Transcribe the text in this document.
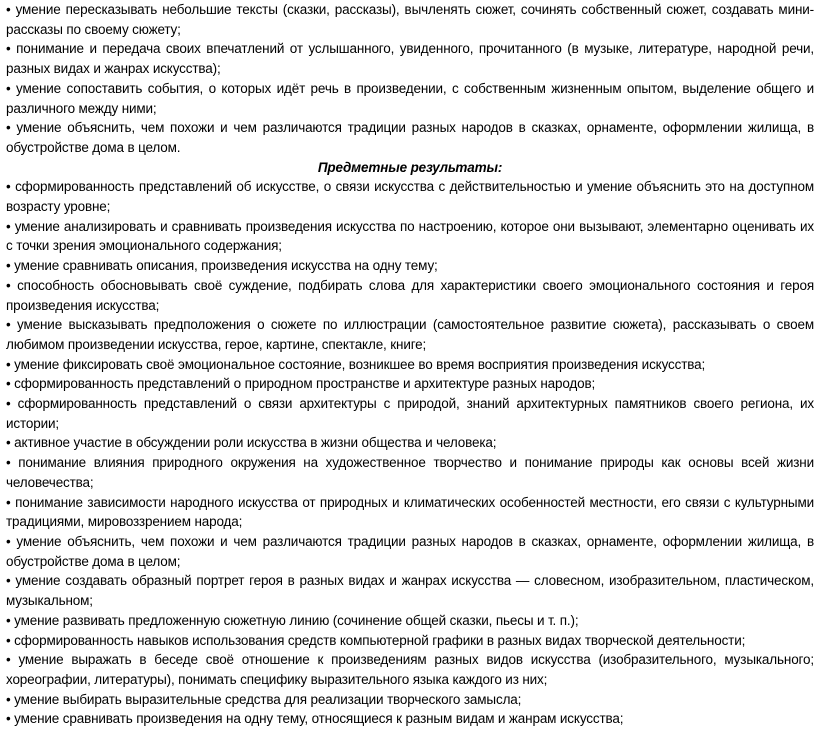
• умение пересказывать небольшие тексты (сказки, рассказы), вычленять сюжет, сочинять собственный сюжет, создавать мини-рассказы по своему сюжету;

• понимание и передача своих впечатлений от услышанного, увиденного, прочитанного (в музыке, литературе, народной речи, разных видах и жанрах искусства);

• умение сопоставить события, о которых идёт речь в произведении, с собственным жизненным опытом, выделение общего и различного между ними;

• умение объяснить, чем похожи и чем различаются традиции разных народов в сказках, орнаменте, оформлении жилища, в обустройстве дома в целом.

Предметные результаты:

• сформированность представлений об искусстве, о связи искусства с действительностью и умение объяснить это на доступном возрасту уровне;

• умение анализировать и сравнивать произведения искусства по настроению, которое они вызывают, элементарно оценивать их с точки зрения эмоционального содержания;

• умение сравнивать описания, произведения искусства на одну тему;

• способность обосновывать своё суждение, подбирать слова для характеристики своего эмоционального состояния и героя произведения искусства;

• умение высказывать предположения о сюжете по иллюстрации (самостоятельное развитие сюжета), рассказывать о своем любимом произведении искусства, герое, картине, спектакле, книге;

• умение фиксировать своё эмоциональное состояние, возникшее во время восприятия произведения искусства;

• сформированность представлений о природном пространстве и архитектуре разных народов;

• сформированность представлений о связи архитектуры с природой, знаний архитектурных памятников своего региона, их истории;

• активное участие в обсуждении роли искусства в жизни общества и человека;

• понимание влияния природного окружения на художественное творчество и понимание природы как основы всей жизни человечества;

• понимание зависимости народного искусства от природных и климатических особенностей местности, его связи с культурными традициями, мировоззрением народа;

• умение объяснить, чем похожи и чем различаются традиции разных народов в сказках, орнаменте, оформлении жилища, в обустройстве дома в целом;

• умение создавать образный портрет героя в разных видах и жанрах искусства — словесном, изобразительном, пластическом, музыкальном;

• умение развивать предложенную сюжетную линию (сочинение общей сказки, пьесы и т. п.);

• сформированность навыков использования средств компьютерной графики в разных видах творческой деятельности;

• умение выражать в беседе своё отношение к произведениям разных видов искусства (изобразительного, музыкального; хореографии, литературы), понимать специфику выразительного языка каждого из них;

• умение выбирать выразительные средства для реализации творческого замысла;

• умение сравнивать произведения на одну тему, относящиеся к разным видам и жанрам искусства;
